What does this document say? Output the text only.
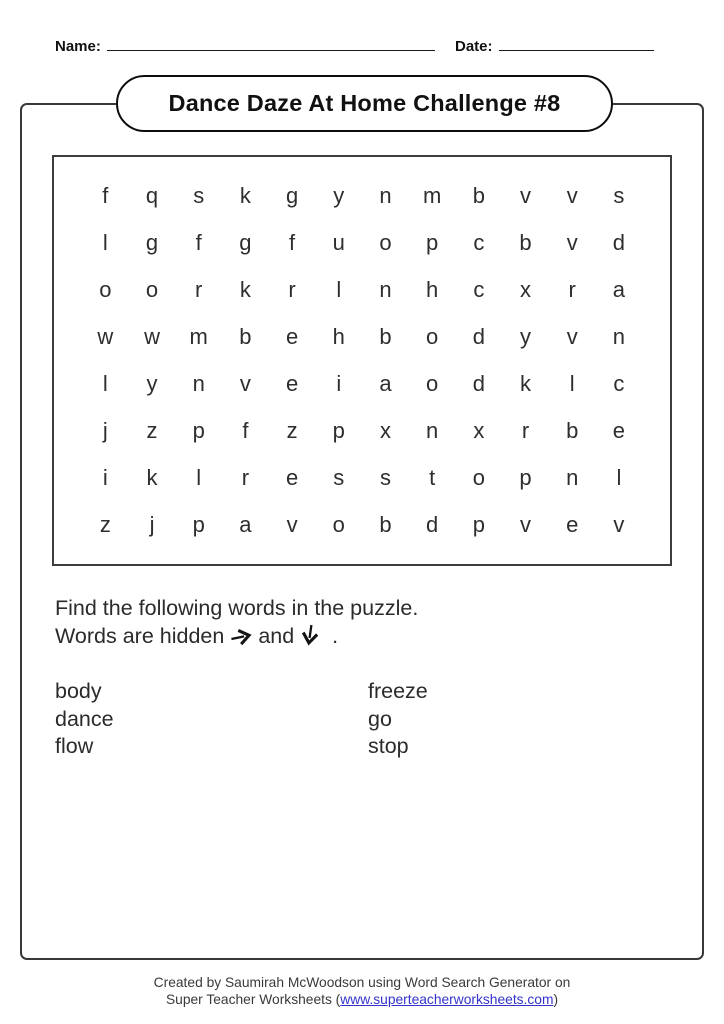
Name:	Date:
Dance Daze At Home Challenge #8
f	q	s	k	g	y	n	m	b	v	v	s
l	g	f	g	f	u	o	p	c	b	v	d
o	o	r	k	r	l	n	h	c	x	r	a
w	w	m	b	e	h	b	o	d	y	v	n
l	y	n	v	e	i	a	o	d	k	l	c
j	z	p	f	z	p	x	n	x	r	b	e
i	k	l	r	e	s	s	t	o	p	n	l
z	j	p	a	v	o	b	d	p	v	e	v
Find the following words in the puzzle.
Words are hidden and .
body
dance
flow
freeze
go
stop
Created by Saumirah McWoodson using Word Search Generator on
Super Teacher Worksheets (www.superteacherworksheets.com)
